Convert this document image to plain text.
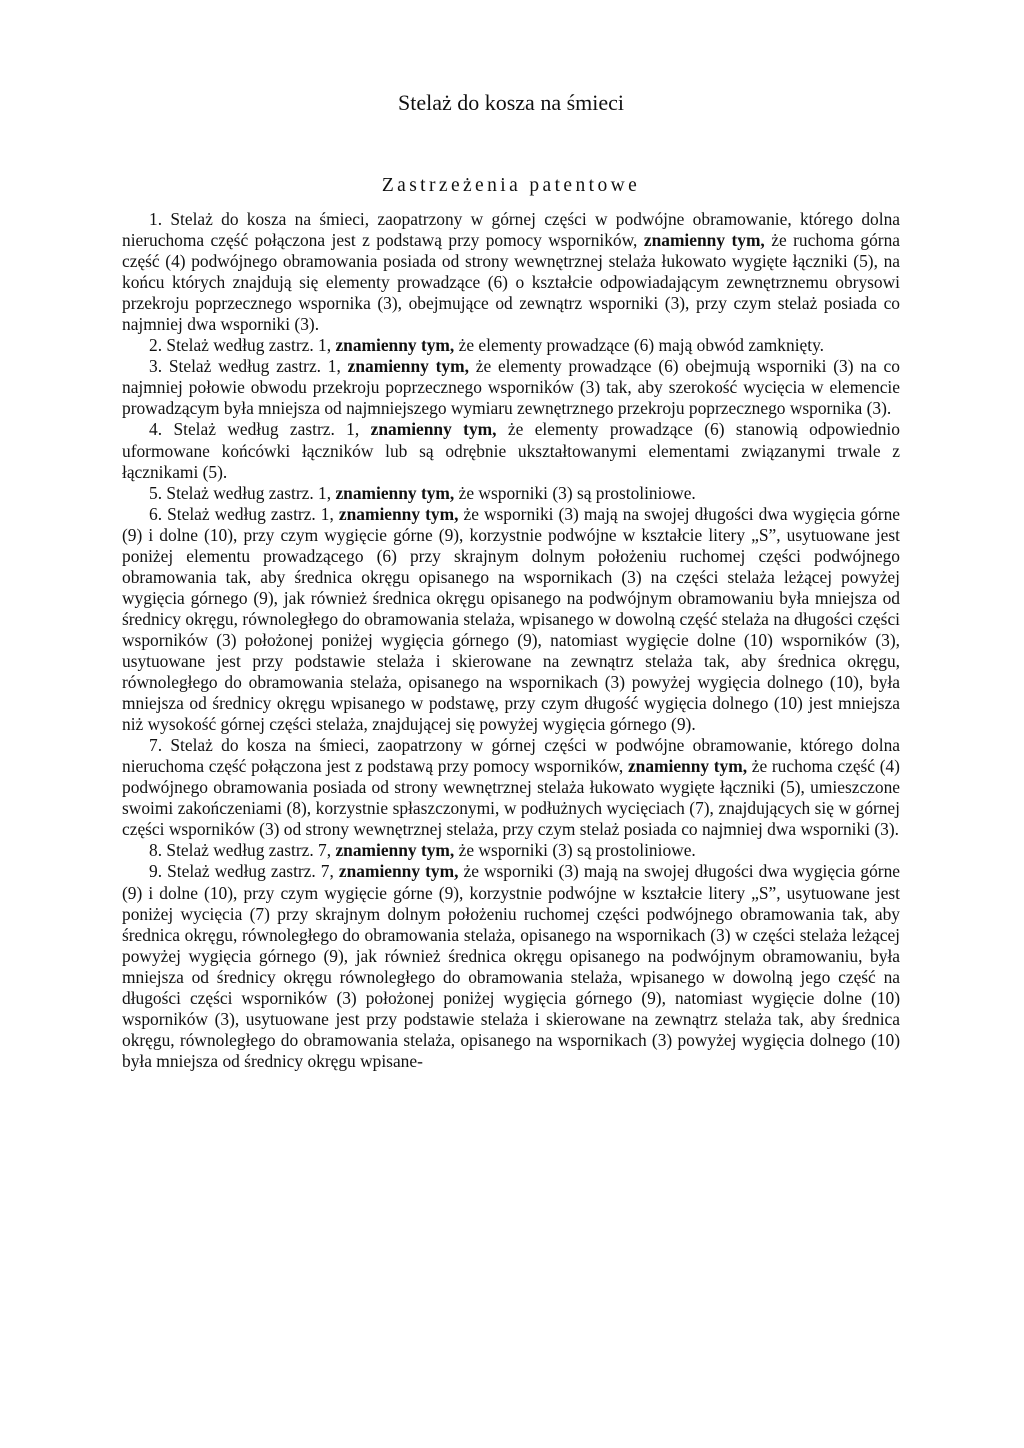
Stelaż do kosza na śmieci
Zastrzeżenia patentowe

1. Stelaż do kosza na śmieci, zaopatrzony w górnej części w podwójne obramowanie, którego dolna nieruchoma część połączona jest z podstawą przy pomocy wsporników, znamienny tym, że ruchoma górna część (4) podwójnego obramowania posiada od strony wewnętrznej stelaża łukowato wygięte łączniki (5), na końcu których znajdują się elementy prowadzące (6) o kształcie odpowiadającym zewnętrznemu obrysowi przekroju poprzecznego wspornika (3), obejmujące od zewnątrz wsporniki (3), przy czym stelaż posiada co najmniej dwa wsporniki (3).

2. Stelaż według zastrz. 1, znamienny tym, że elementy prowadzące (6) mają obwód zamknięty.

3. Stelaż według zastrz. 1, znamienny tym, że elementy prowadzące (6) obejmują wsporniki (3) na co najmniej połowie obwodu przekroju poprzecznego wsporników (3) tak, aby szerokość wycięcia w elemencie prowadzącym była mniejsza od najmniejszego wymiaru zewnętrznego przekroju poprzecznego wspornika (3).

4. Stelaż według zastrz. 1, znamienny tym, że elementy prowadzące (6) stanowią odpowiednio uformowane końcówki łączników lub są odrębnie ukształtowanymi elementami związanymi trwale z łącznikami (5).

5. Stelaż według zastrz. 1, znamienny tym, że wsporniki (3) są prostoliniowe.

6. Stelaż według zastrz. 1, znamienny tym, że wsporniki (3) mają na swojej długości dwa wygięcia górne (9) i dolne (10), przy czym wygięcie górne (9), korzystnie podwójne w kształcie litery „S”, usytuowane jest poniżej elementu prowadzącego (6) przy skrajnym dolnym położeniu ruchomej części podwójnego obramowania tak, aby średnica okręgu opisanego na wspornikach (3) na części stelaża leżącej powyżej wygięcia górnego (9), jak również średnica okręgu opisanego na podwójnym obramowaniu była mniejsza od średnicy okręgu, równoległego do obramowania stelaża, wpisanego w dowolną część stelaża na długości części wsporników (3) położonej poniżej wygięcia górnego (9), natomiast wygięcie dolne (10) wsporników (3), usytuowane jest przy podstawie stelaża i skierowane na zewnątrz stelaża tak, aby średnica okręgu, równoległego do obramowania stelaża, opisanego na wspornikach (3) powyżej wygięcia dolnego (10), była mniejsza od średnicy okręgu wpisanego w podstawę, przy czym długość wygięcia dolnego (10) jest mniejsza niż wysokość górnej części stelaża, znajdującej się powyżej wygięcia górnego (9).

7. Stelaż do kosza na śmieci, zaopatrzony w górnej części w podwójne obramowanie, którego dolna nieruchoma część połączona jest z podstawą przy pomocy wsporników, znamienny tym, że ruchoma część (4) podwójnego obramowania posiada od strony wewnętrznej stelaża łukowato wygięte łączniki (5), umieszczone swoimi zakończeniami (8), korzystnie spłaszczonymi, w podłużnych wycięciach (7), znajdujących się w górnej części wsporników (3) od strony wewnętrznej stelaża, przy czym stelaż posiada co najmniej dwa wsporniki (3).

8. Stelaż według zastrz. 7, znamienny tym, że wsporniki (3) są prostoliniowe.

9. Stelaż według zastrz. 7, znamienny tym, że wsporniki (3) mają na swojej długości dwa wygięcia górne (9) i dolne (10), przy czym wygięcie górne (9), korzystnie podwójne w kształcie litery „S”, usytuowane jest poniżej wycięcia (7) przy skrajnym dolnym położeniu ruchomej części podwójnego obramowania tak, aby średnica okręgu, równoległego do obramowania stelaża, opisanego na wspornikach (3) w części stelaża leżącej powyżej wygięcia górnego (9), jak również średnica okręgu opisanego na podwójnym obramowaniu, była mniejsza od średnicy okręgu równoległego do obramowania stelaża, wpisanego w dowolną jego część na długości części wsporników (3) położonej poniżej wygięcia górnego (9), natomiast wygięcie dolne (10) wsporników (3), usytuowane jest przy podstawie stelaża i skierowane na zewnątrz stelaża tak, aby średnica okręgu, równoległego do obramowania stelaża, opisanego na wspornikach (3) powyżej wygięcia dolnego (10) była mniejsza od średnicy okręgu wpisane-
